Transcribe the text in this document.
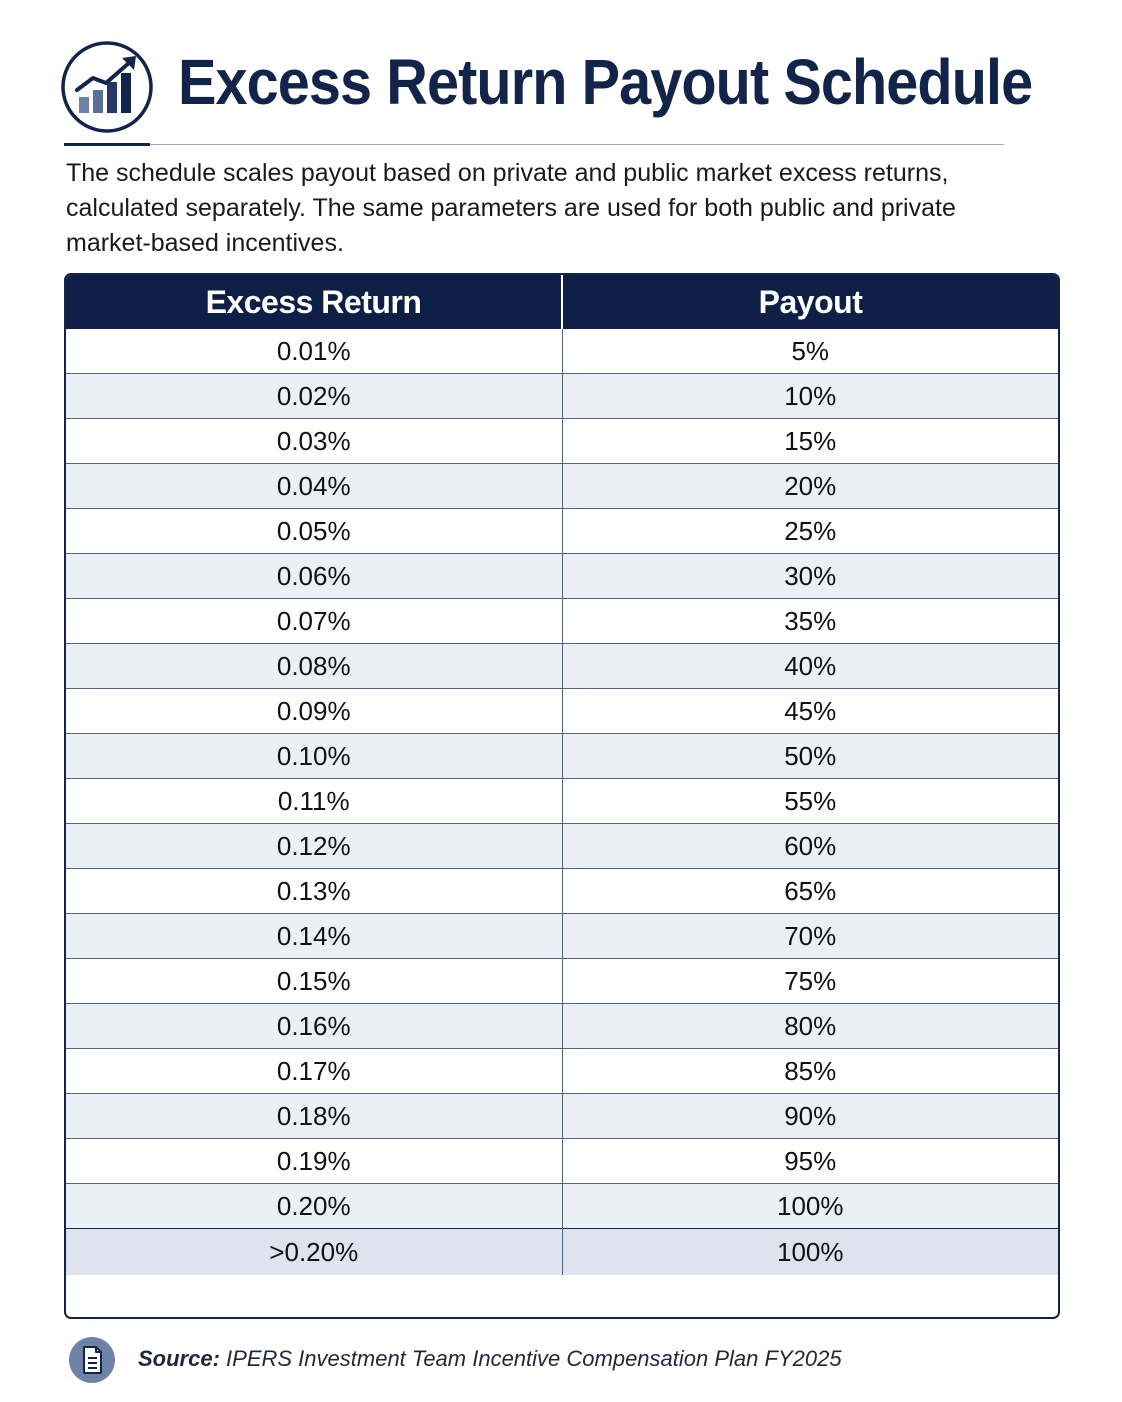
Excess Return Payout Schedule

The schedule scales payout based on private and public market excess returns, calculated separately. The same parameters are used for both public and private market-based incentives.

Excess Return	Payout
0.01%	5%
0.02%	10%
0.03%	15%
0.04%	20%
0.05%	25%
0.06%	30%
0.07%	35%
0.08%	40%
0.09%	45%
0.10%	50%
0.11%	55%
0.12%	60%
0.13%	65%
0.14%	70%
0.15%	75%
0.16%	80%
0.17%	85%
0.18%	90%
0.19%	95%
0.20%	100%
>0.20%	100%
Source: IPERS Investment Team Incentive Compensation Plan FY2025
